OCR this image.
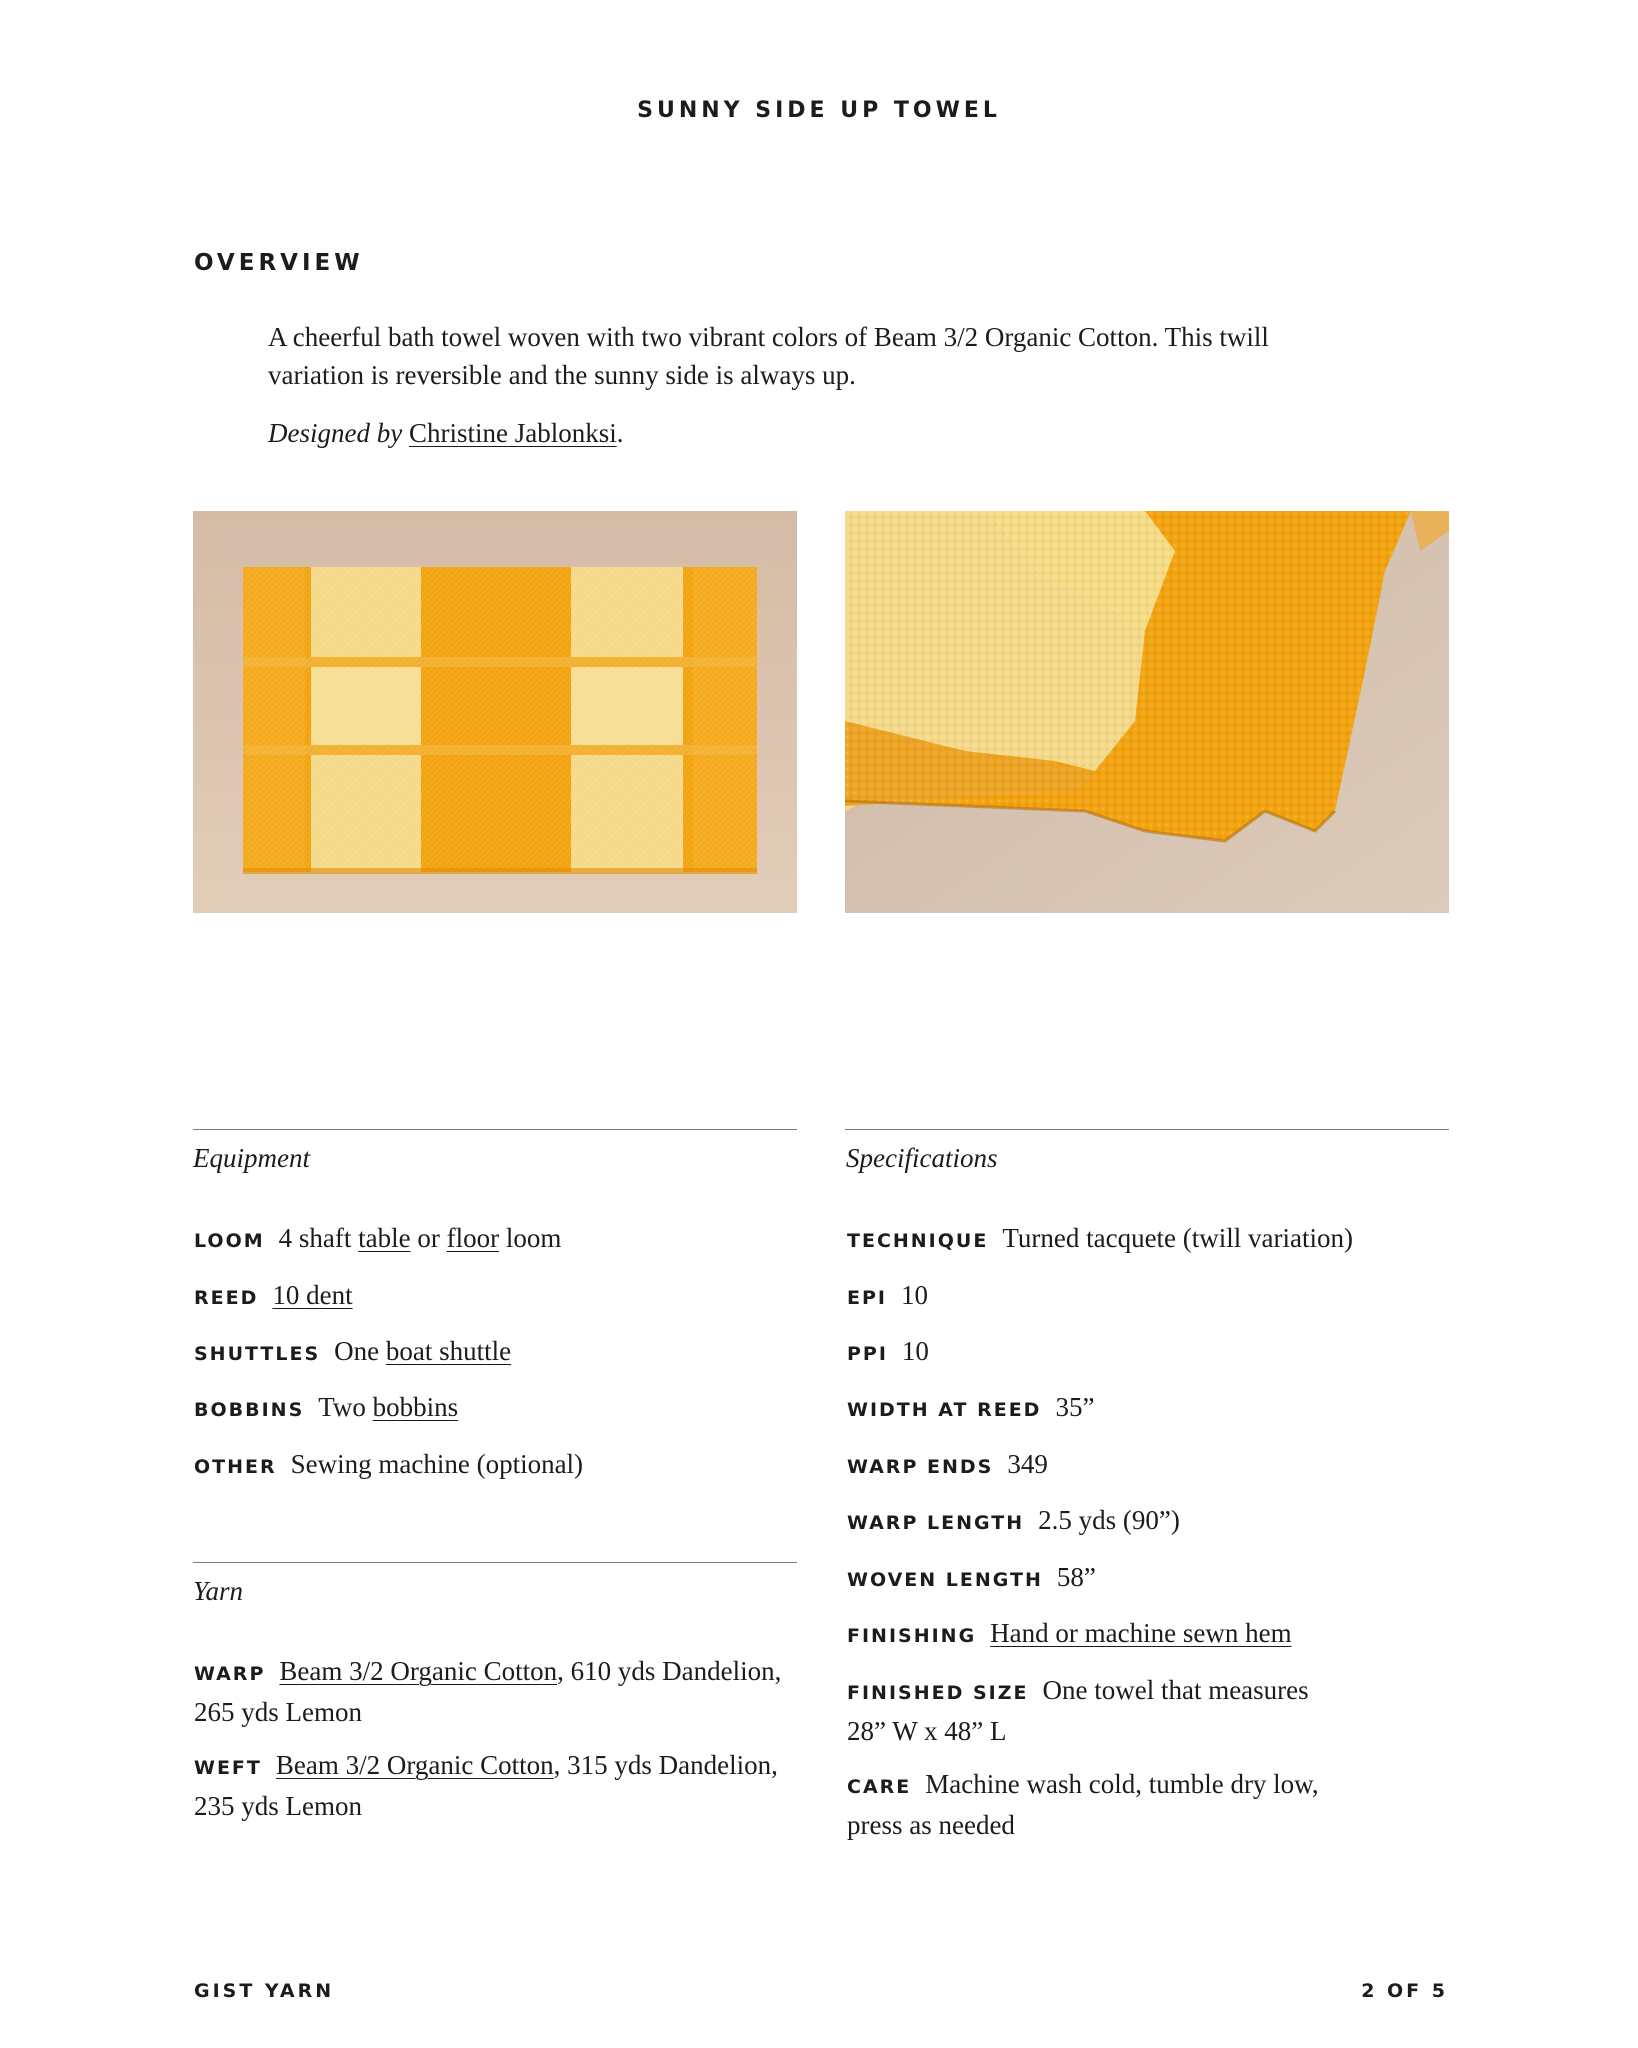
SUNNY SIDE UP TOWEL
OVERVIEW

A cheerful bath towel woven with two vibrant colors of Beam 3/2 Organic Cotton. This twill variation is reversible and the sunny side is always up.

Designed by Christine Jablonksi.

Equipment
LOOM 4 shaft table or floor loom
REED 10 dent
SHUTTLES One boat shuttle
BOBBINS Two bobbins
OTHER Sewing machine (optional)
Yarn
WARP Beam 3/2 Organic Cotton, 610 yds Dandelion, 265 yds Lemon
WEFT Beam 3/2 Organic Cotton, 315 yds Dandelion, 235 yds Lemon
Specifications
TECHNIQUE Turned tacquete (twill variation)
EPI 10
PPI 10
WIDTH AT REED 35”
WARP ENDS 349
WARP LENGTH 2.5 yds (90”)
WOVEN LENGTH 58”
FINISHING Hand or machine sewn hem
FINISHED SIZE One towel that measures 28” W x 48” L
CARE Machine wash cold, tumble dry low, press as needed
GIST YARN	2 OF 5
